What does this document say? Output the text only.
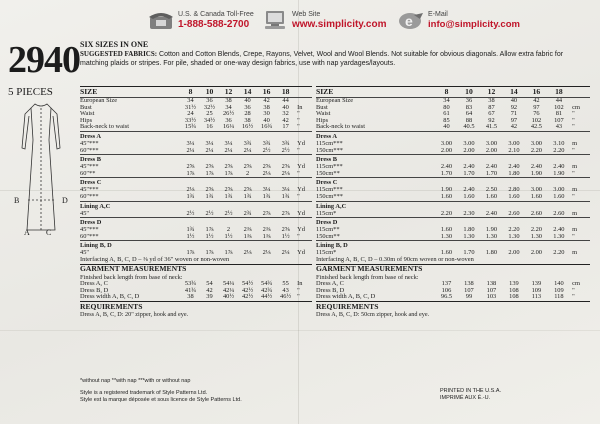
U.S. & Canada Toll-Free
1-888-588-2700
Web Site
www.simplicity.com e E-Mail
info@simplicity.com
2940
5 PIECES
SIX SIZES IN ONE
SUGGESTED FABRICS: Cotton and Cotton Blends, Crepe, Rayons, Velvet, Wool and Wool Blends. Not suitable for obvious diagonals. Allow extra fabric for matching plaids or stripes. For pile, shaded or one-way design fabrics, use with nap yardages/layouts.
B	D
A C
SIZE	8	10	12	14	16	18	
European Size	34	36	38	40	42	44	
Bust	31½	32½	34	36	38	40	In
Waist	24	25	26½	28	30	32	"
Hips	33½	34½	36	38	40	42	"
Back-neck to waist	15¾	16	16¼	16½	16¾	17	"
Dress A							
45"***	3¼	3¼	3¼	3¾	3¾	3¾	Yd
60"***	2¼	2¼	2¼	2¼	2½	2½	"
Dress B							
45"***	2⅝	2⅝	2⅝	2⅝	2⅝	2⅝	Yd
60"**	1⅞	1⅞	1⅞	2	2⅛	2⅛	"
Dress C							
45"***	2⅛	2⅝	2⅝	2⅝	3¼	3¼	Yd
60"***	1¾	1¾	1¾	1¾	1¾	1¾	"
Lining A,C							
45"	2½	2½	2½	2¾	2⅞	2⅞	Yd
Dress D							
45"***	1¾	1⅞	2	2⅜	2⅜	2⅝	Yd
60"***	1½	1½	1½	1⅜	1⅜	1½	"
Lining B, D							
45"	1⅞	1⅞	1⅞	2⅛	2⅛	2¼	Yd
Interfacing A, B, C, D – ⅜ yd of 36" woven or non-woven							
GARMENT MEASUREMENTS							
Finished back length from base of neck:							
Dress A, C	53¾	54	54¼	54½	54¾	55	In
Dress B, D	41¾	42	42¼	42½	42¾	43	"
Dress width A, B, C, D	38	39	40½	42½	44½	46½	"
REQUIREMENTS							
Dress A, B, C, D: 20" zipper, hook and eye.							
SIZE	8	10	12	14	16	18	
European Size	34	36	38	40	42	44	
Bust	80	83	87	92	97	102	cm
Waist	61	64	67	71	76	81	"
Hips	85	88	92	97	102	107	"
Back-neck to waist	40	40.5	41.5	42	42.5	43	"
Dress A							
115cm***	3.00	3.00	3.00	3.00	3.00	3.10	m
150cm***	2.00	2.00	2.00	2.10	2.20	2.20	"
Dress B							
115cm***	2.40	2.40	2.40	2.40	2.40	2.40	m
150cm**	1.70	1.70	1.70	1.80	1.90	1.90	"
Dress C							
115cm***	1.90	2.40	2.50	2.80	3.00	3.00	m
150cm***	1.60	1.60	1.60	1.60	1.60	1.60	"
Lining A,C							
115cm*	2.20	2.30	2.40	2.60	2.60	2.60	m
Dress D							
115cm**	1.60	1.80	1.90	2.20	2.20	2.40	m
150cm**	1.30	1.30	1.30	1.30	1.30	1.30	"
Lining B, D							
115cm*	1.60	1.70	1.80	2.00	2.00	2.20	m
Interfacing A, B, C, D – 0.30m of 90cm woven or non-woven							
GARMENT MEASUREMENTS							
Finished back length from base of neck:							
Dress A, C	137	138	138	139	139	140	cm
Dress B, D	106	107	107	108	109	109	"
Dress width A, B, C, D	96.5	99	103	108	113	118	"
REQUIREMENTS							
Dress A, B, C, D: 50cm zipper, hook and eye.							
*without nap **with nap ***with or without nap
Style is a registered trademark of Style Patterns Ltd.
Style est la marque déposée et sous licence de Style Patterns Ltd.
PRINTED IN THE U.S.A.
IMPRIMÉ AUX É.-U.
